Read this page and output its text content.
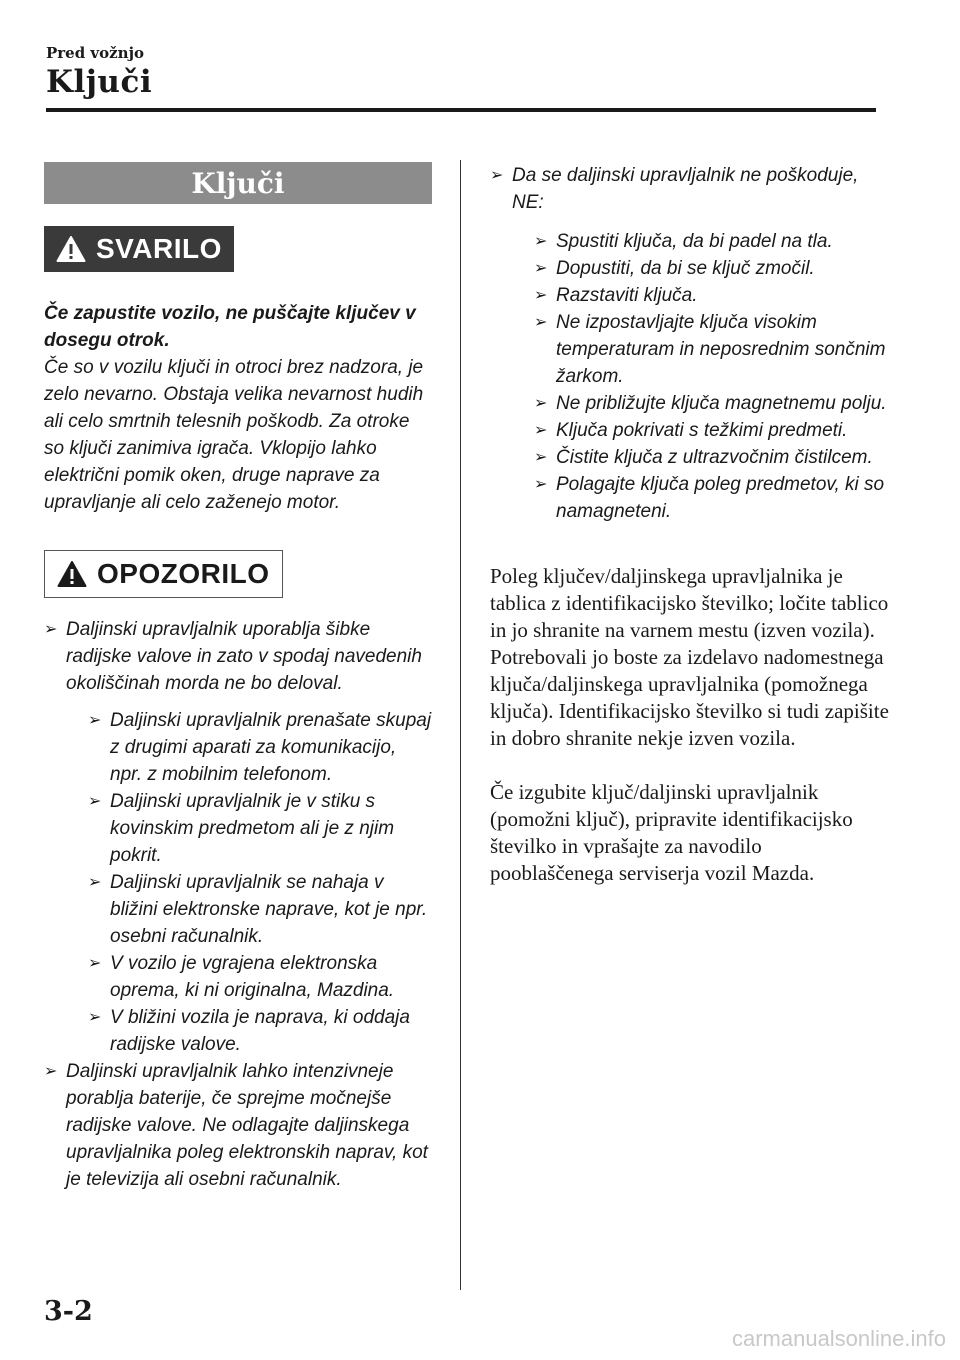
Pred vožnjo
Ključi
Ključi
SVARILO

Če zapustite vozilo, ne puščajte ključev v dosegu otrok.

Če so v vozilu ključi in otroci brez nadzora, je zelo nevarno. Obstaja velika nevarnost hudih ali celo smrtnih telesnih poškodb. Za otroke so ključi zanimiva igrača. Vklopijo lahko električni pomik oken, druge naprave za upravljanje ali celo zaženejo motor.

OPOZORILO
➢ Daljinski upravljalnik uporablja šibke radijske valove in zato v spodaj navedenih okoliščinah morda ne bo deloval.
➢ Daljinski upravljalnik prenašate skupaj z drugimi aparati za komunikacijo, npr. z mobilnim telefonom.
➢ Daljinski upravljalnik je v stiku s kovinskim predmetom ali je z njim pokrit.
➢ Daljinski upravljalnik se nahaja v bližini elektronske naprave, kot je npr. osebni računalnik.
➢ V vozilo je vgrajena elektronska oprema, ki ni originalna, Mazdina.
➢ V bližini vozila je naprava, ki oddaja radijske valove.
➢ Daljinski upravljalnik lahko intenzivneje porablja baterije, če sprejme močnejše radijske valove. Ne odlagajte daljinskega upravljalnika poleg elektronskih naprav, kot je televizija ali osebni računalnik.
➢ Da se daljinski upravljalnik ne poškoduje, NE:
➢ Spustiti ključa, da bi padel na tla.
➢ Dopustiti, da bi se ključ zmočil.
➢ Razstaviti ključa.
➢ Ne izpostavljajte ključa visokim temperaturam in neposrednim sončnim žarkom.
➢ Ne približujte ključa magnetnemu polju.
➢ Ključa pokrivati s težkimi predmeti.
➢ Čistite ključa z ultrazvočnim čistilcem.
➢ Polagajte ključa poleg predmetov, ki so namagneteni.

Poleg ključev/daljinskega upravljalnika je tablica z identifikacijsko številko; ločite tablico in jo shranite na varnem mestu (izven vozila). Potrebovali jo boste za izdelavo nadomestnega ključa/daljinskega upravljalnika (pomožnega ključa). Identifikacijsko številko si tudi zapišite in dobro shranite nekje izven vozila.

Če izgubite ključ/daljinski upravljalnik (pomožni ključ), pripravite identifikacijsko številko in vprašajte za navodilo pooblaščenega serviserja vozil Mazda.

3-2
carmanualsonline.info
